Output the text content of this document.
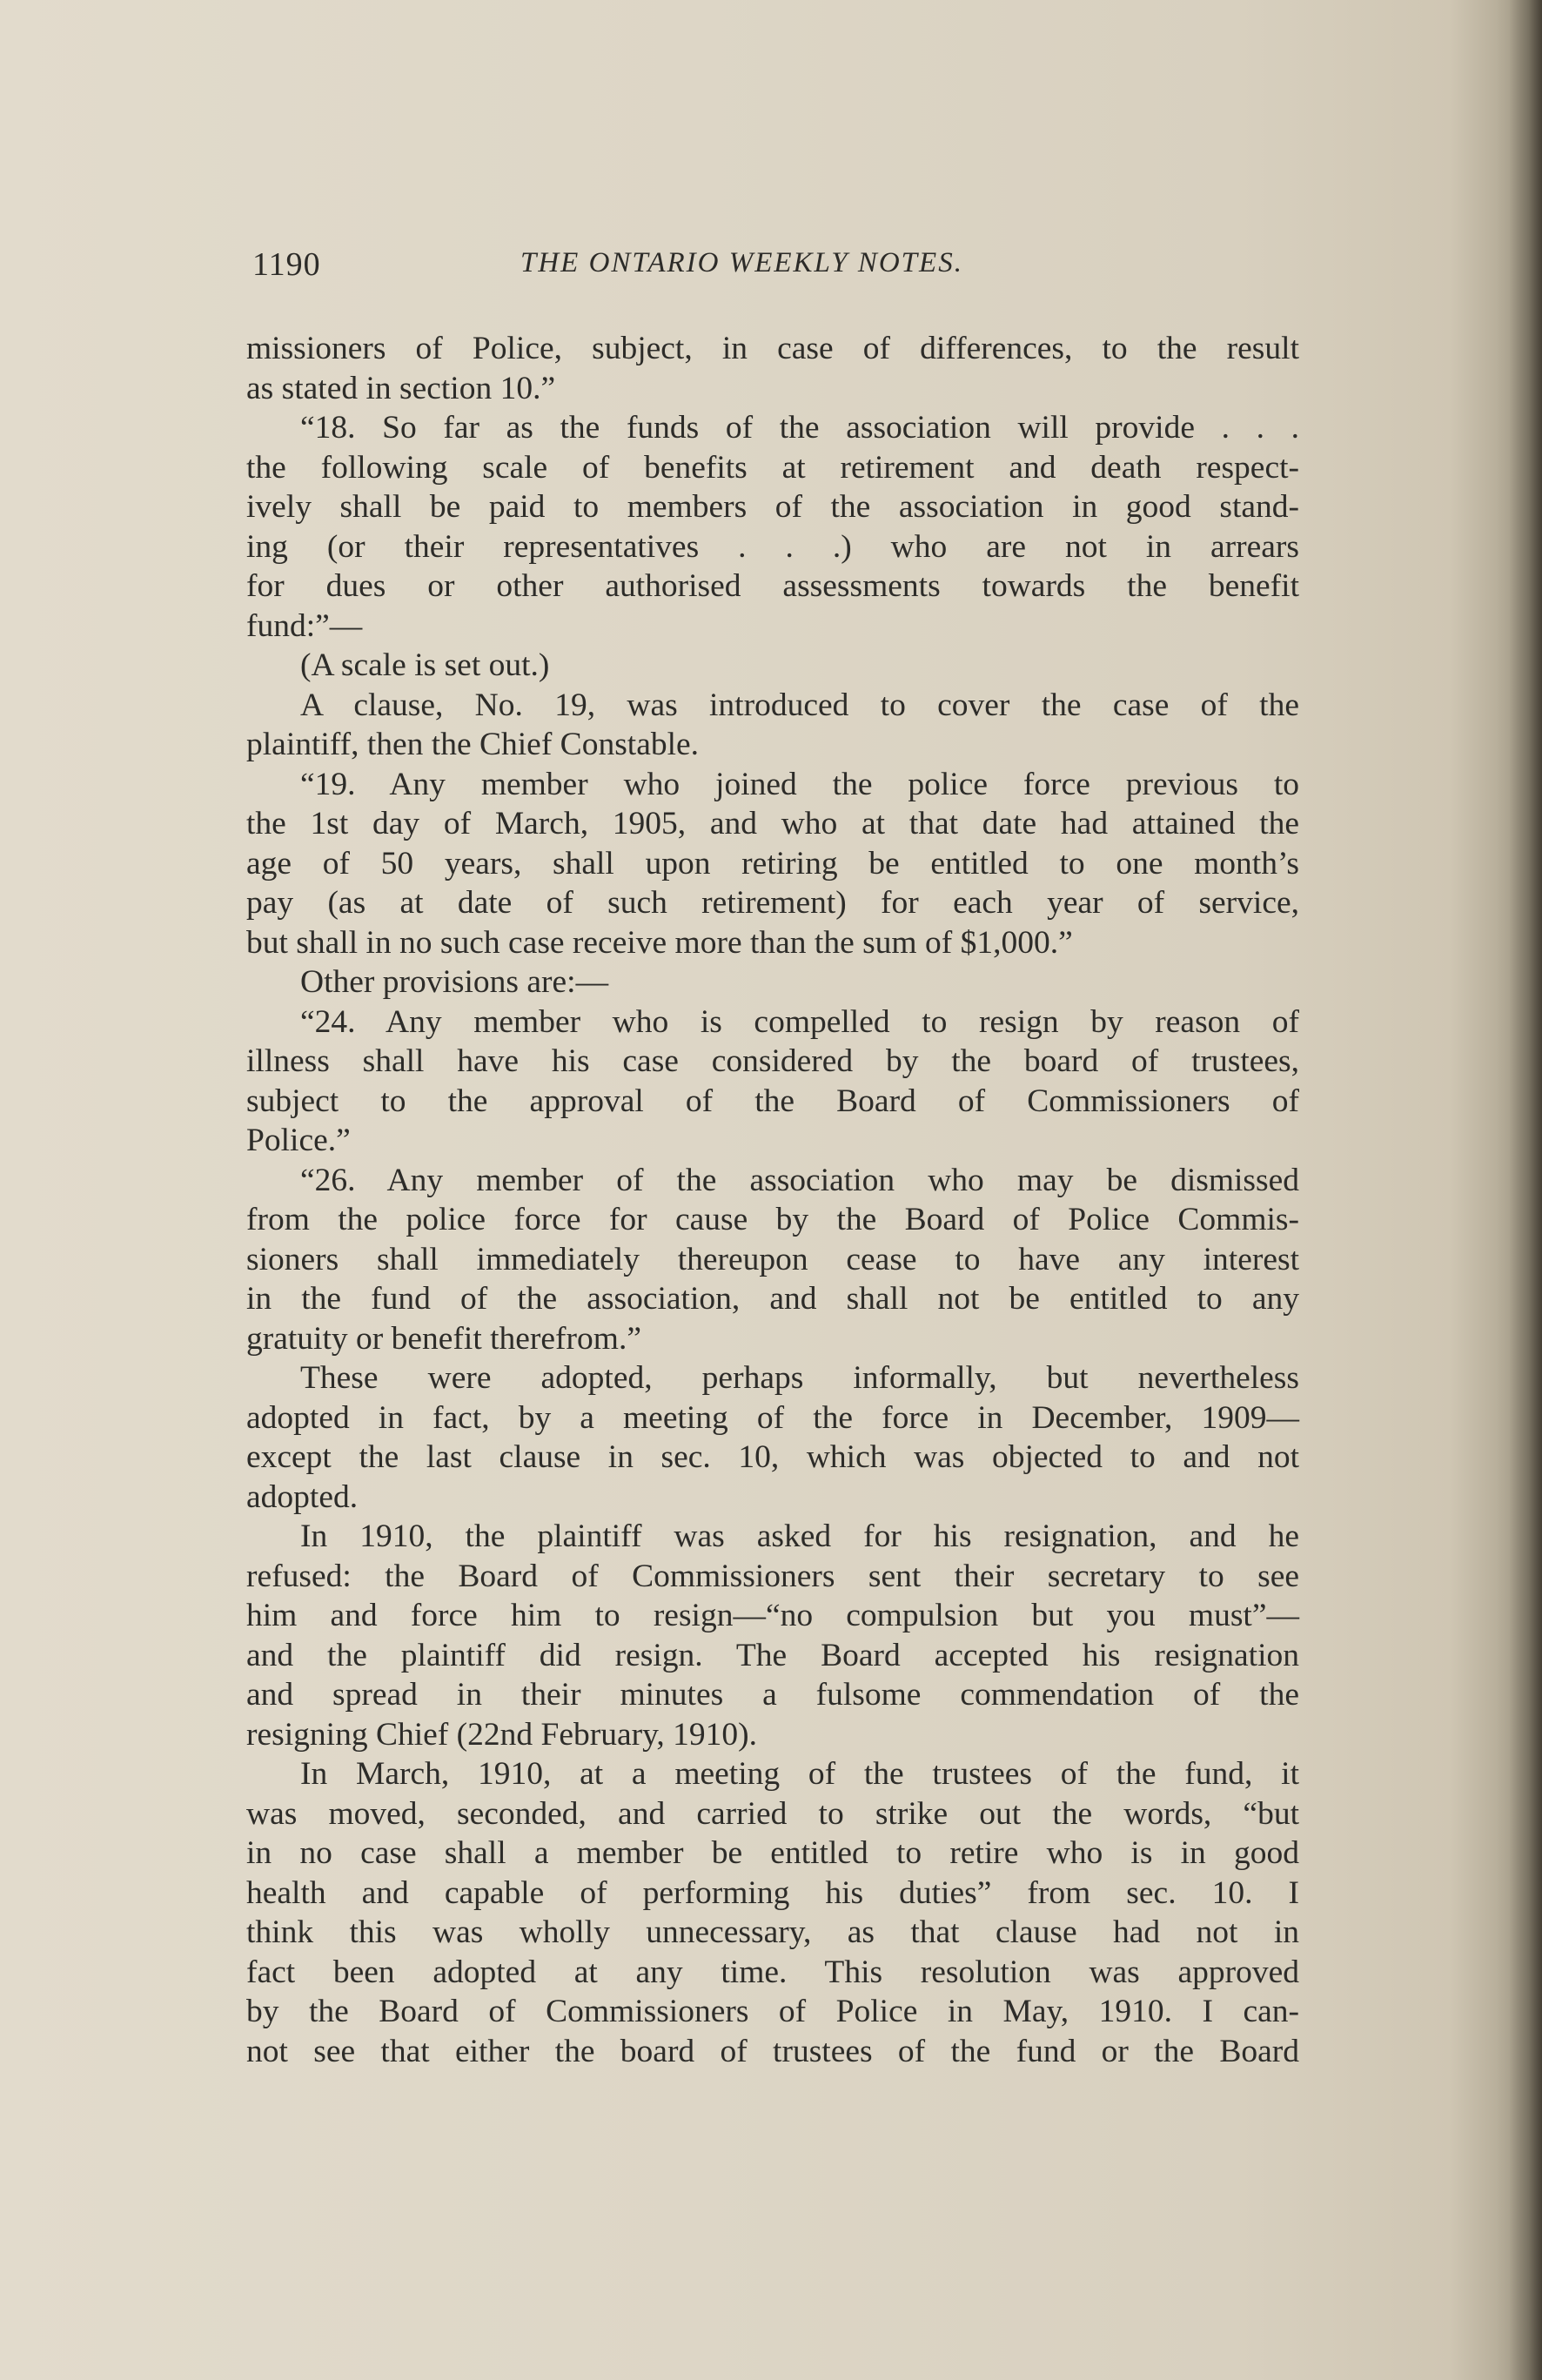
1190	THE ONTARIO WEEKLY NOTES.
missioners of Police, subject, in case of differences, to the result
as stated in section 10.”
“18. So far as the funds of the association will provide . . .
the following scale of benefits at retirement and death respect-
ively shall be paid to members of the association in good stand-
ing (or their representatives . . .) who are not in arrears
for dues or other authorised assessments towards the benefit
fund:”—
(A scale is set out.)
A clause, No. 19, was introduced to cover the case of the
plaintiff, then the Chief Constable.
“19. Any member who joined the police force previous to
the 1st day of March, 1905, and who at that date had attained the
age of 50 years, shall upon retiring be entitled to one month’s
pay (as at date of such retirement) for each year of service,
but shall in no such case receive more than the sum of $1,000.”
Other provisions are:—
“24. Any member who is compelled to resign by reason of
illness shall have his case considered by the board of trustees,
subject to the approval of the Board of Commissioners of
Police.”
“26. Any member of the association who may be dismissed
from the police force for cause by the Board of Police Commis-
sioners shall immediately thereupon cease to have any interest
in the fund of the association, and shall not be entitled to any
gratuity or benefit therefrom.”
These were adopted, perhaps informally, but nevertheless
adopted in fact, by a meeting of the force in December, 1909—
except the last clause in sec. 10, which was objected to and not
adopted.
In 1910, the plaintiff was asked for his resignation, and he
refused: the Board of Commissioners sent their secretary to see
him and force him to resign—“no compulsion but you must”—
and the plaintiff did resign. The Board accepted his resignation
and spread in their minutes a fulsome commendation of the
resigning Chief (22nd February, 1910).
In March, 1910, at a meeting of the trustees of the fund, it
was moved, seconded, and carried to strike out the words, “but
in no case shall a member be entitled to retire who is in good
health and capable of performing his duties” from sec. 10. I
think this was wholly unnecessary, as that clause had not in
fact been adopted at any time. This resolution was approved
by the Board of Commissioners of Police in May, 1910. I can-
not see that either the board of trustees of the fund or the Board
